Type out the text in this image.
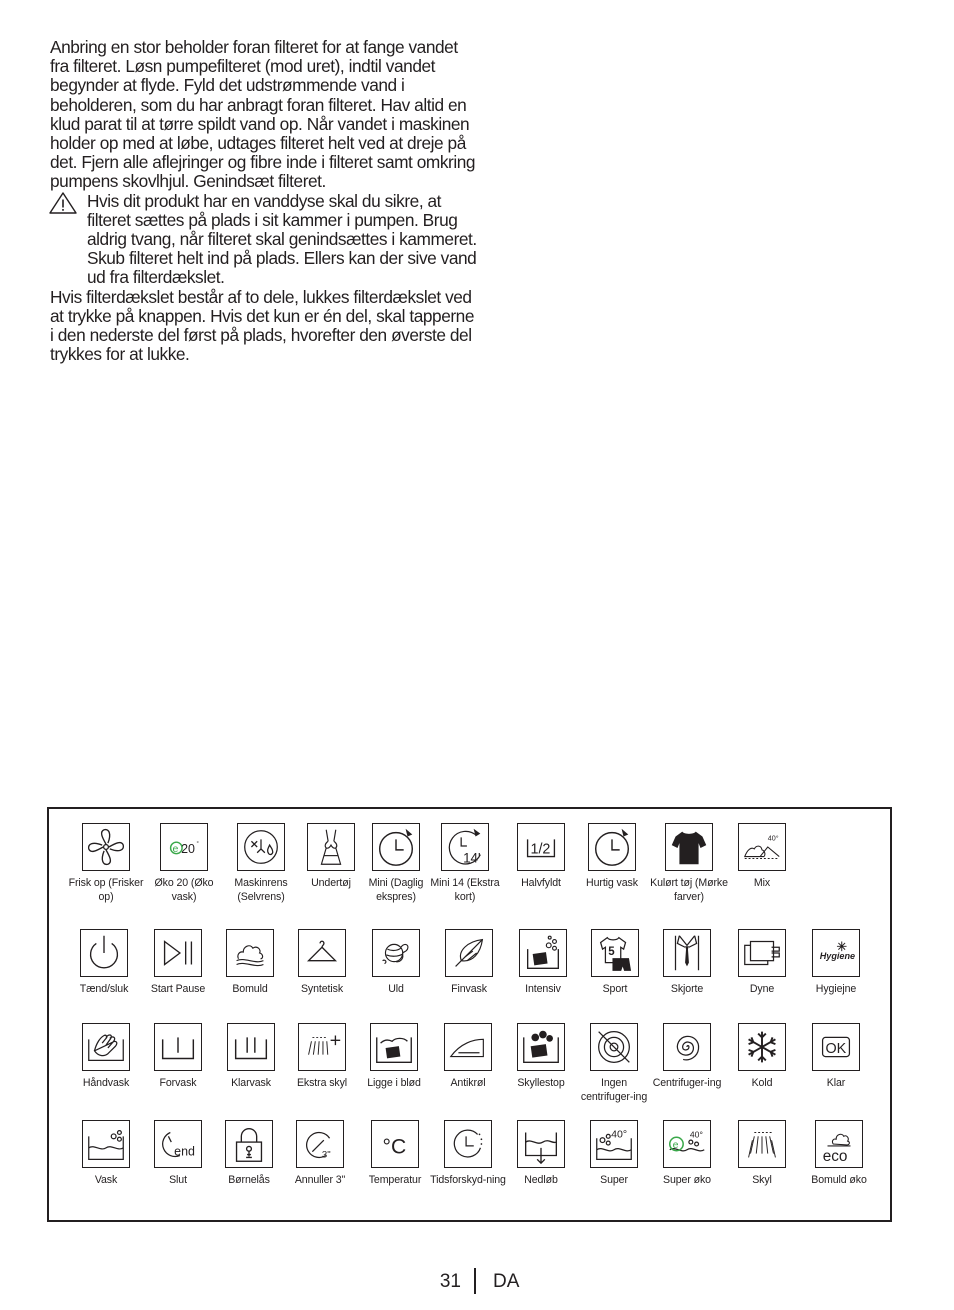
Anbring en stor beholder foran filteret for at fange vandet fra filteret. Løsn pumpefilteret (mod uret), indtil vandet begynder at flyde. Fyld det udstrømmende vand i beholderen, som du har anbragt foran filteret. Hav altid en klud parat til at tørre spildt vand op. Når vandet i maskinen holder op med at løbe, udtages filteret helt ved at dreje på det. Fjern alle aflejringer og fibre inde i filteret samt omkring pumpens skovlhjul. Genindsæt filteret.

Hvis dit produkt har en vanddyse skal du sikre, at filteret sættes på plads i sit kammer i pumpen. Brug aldrig tvang, når filteret skal genindsættes i kammeret. Skub filteret helt ind på plads. Ellers kan der sive vand ud fra filterdækslet.

Hvis filterdækslet består af to dele, lukkes filterdækslet ved at trykke på knappen. Hvis det kun er én del, skal tapperne i den nederste del først på plads, hvorefter den øverste del trykkes for at lukke.

Frisk op (Frisker op)
e 20 °
Øko 20 (Øko vask)
Maskinrens (Selvrens)
Undertøj	Mini (Daglig ekspres)
14'
Mini 14 (Ekstra kort)
1/2
Halvfyldt	Hurtig vask	Kulørt tøj (Mørke farver)
40°
Mix
Tænd/sluk	Start Pause	Bomuld	Syntetisk	Uld	Finvask	Intensiv
5
Sport	Skjorte	Dyne
Hygiene
Hygiejne
Håndvask	Forvask	Klarvask	Ekstra skyl	Ligge i blød	Antikrøl	Skyllestop	Ingen centrifuger-ing
Centrifuger-ing	Kold
OK
Klar
Vask
end
Slut	Børnelås
3"
Annuller 3"
°C
Temperatur Tidsforskyd-ning	Nedløb
40°
Super
e
40°
Super øko	Skyl
eco
Bomuld øko
31 DA
